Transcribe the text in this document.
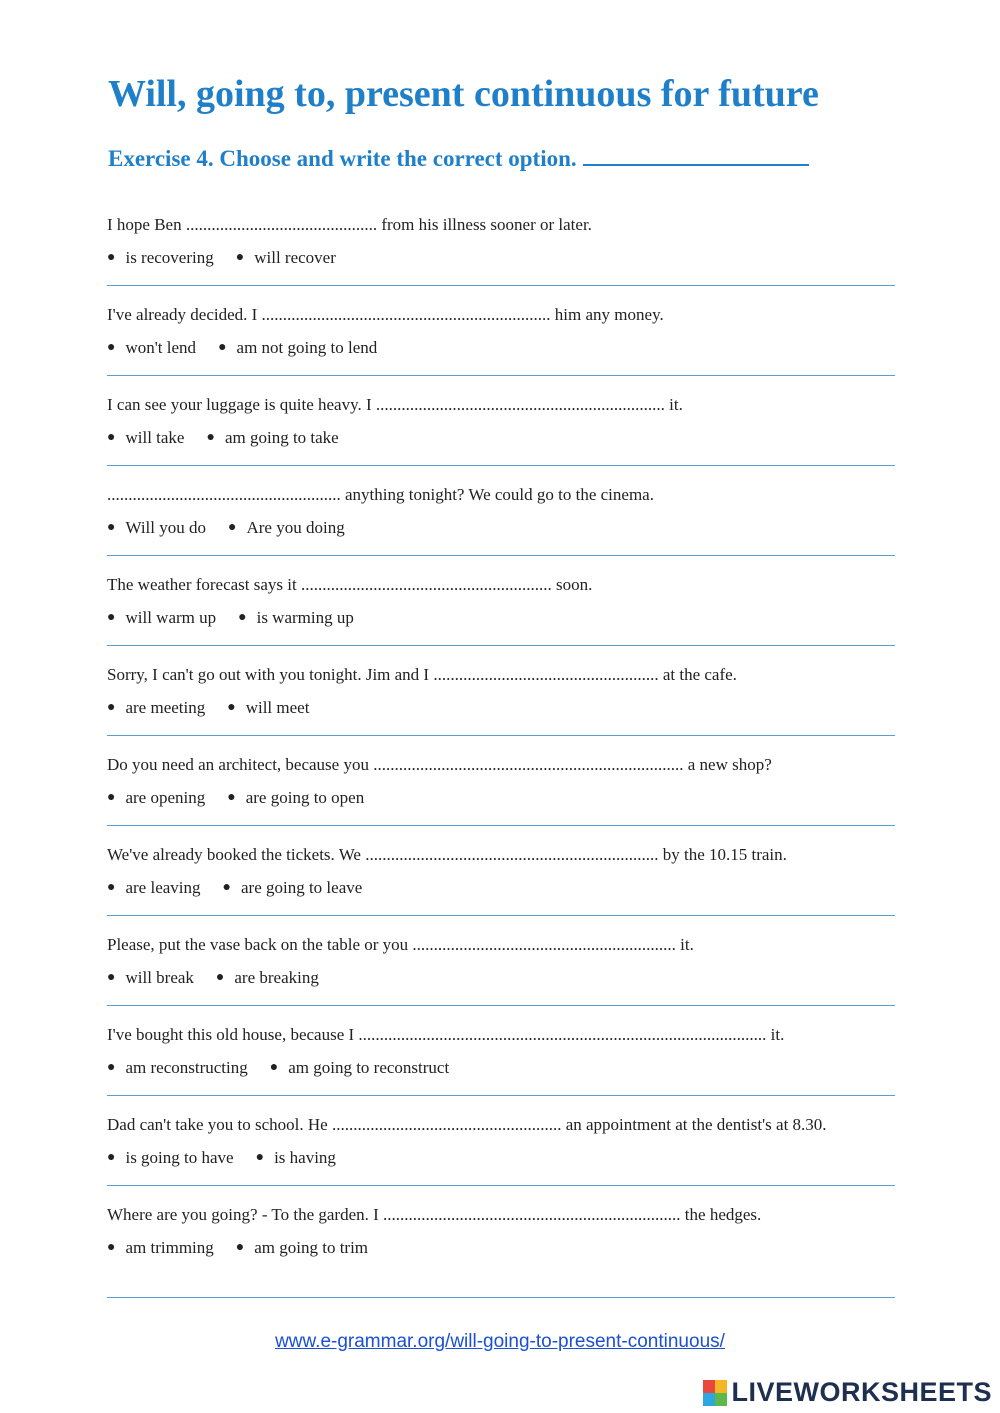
Will, going to, present continuous for future
Exercise 4. Choose and write the correct option.
I hope Ben ............................................. from his illness sooner or later.
● is recovering ● will recover
I've already decided. I .................................................................... him any money.
● won't lend ● am not going to lend
I can see your luggage is quite heavy. I .................................................................... it.
● will take ● am going to take
....................................................... anything tonight? We could go to the cinema.
● Will you do ● Are you doing
The weather forecast says it ........................................................... soon.
● will warm up ● is warming up
Sorry, I can't go out with you tonight. Jim and I ..................................................... at the cafe.
● are meeting ● will meet
Do you need an architect, because you ......................................................................... a new shop?
● are opening ● are going to open
We've already booked the tickets. We ..................................................................... by the 10.15 train.
● are leaving ● are going to leave
Please, put the vase back on the table or you .............................................................. it.
● will break ● are breaking
I've bought this old house, because I ................................................................................................ it.
● am reconstructing ● am going to reconstruct
Dad can't take you to school. He ...................................................... an appointment at the dentist's at 8.30.
● is going to have ● is having
Where are you going? - To the garden. I ...................................................................... the hedges.
● am trimming ● am going to trim
www.e-grammar.org/will-going-to-present-continuous/
LIVEWORKSHEETS
